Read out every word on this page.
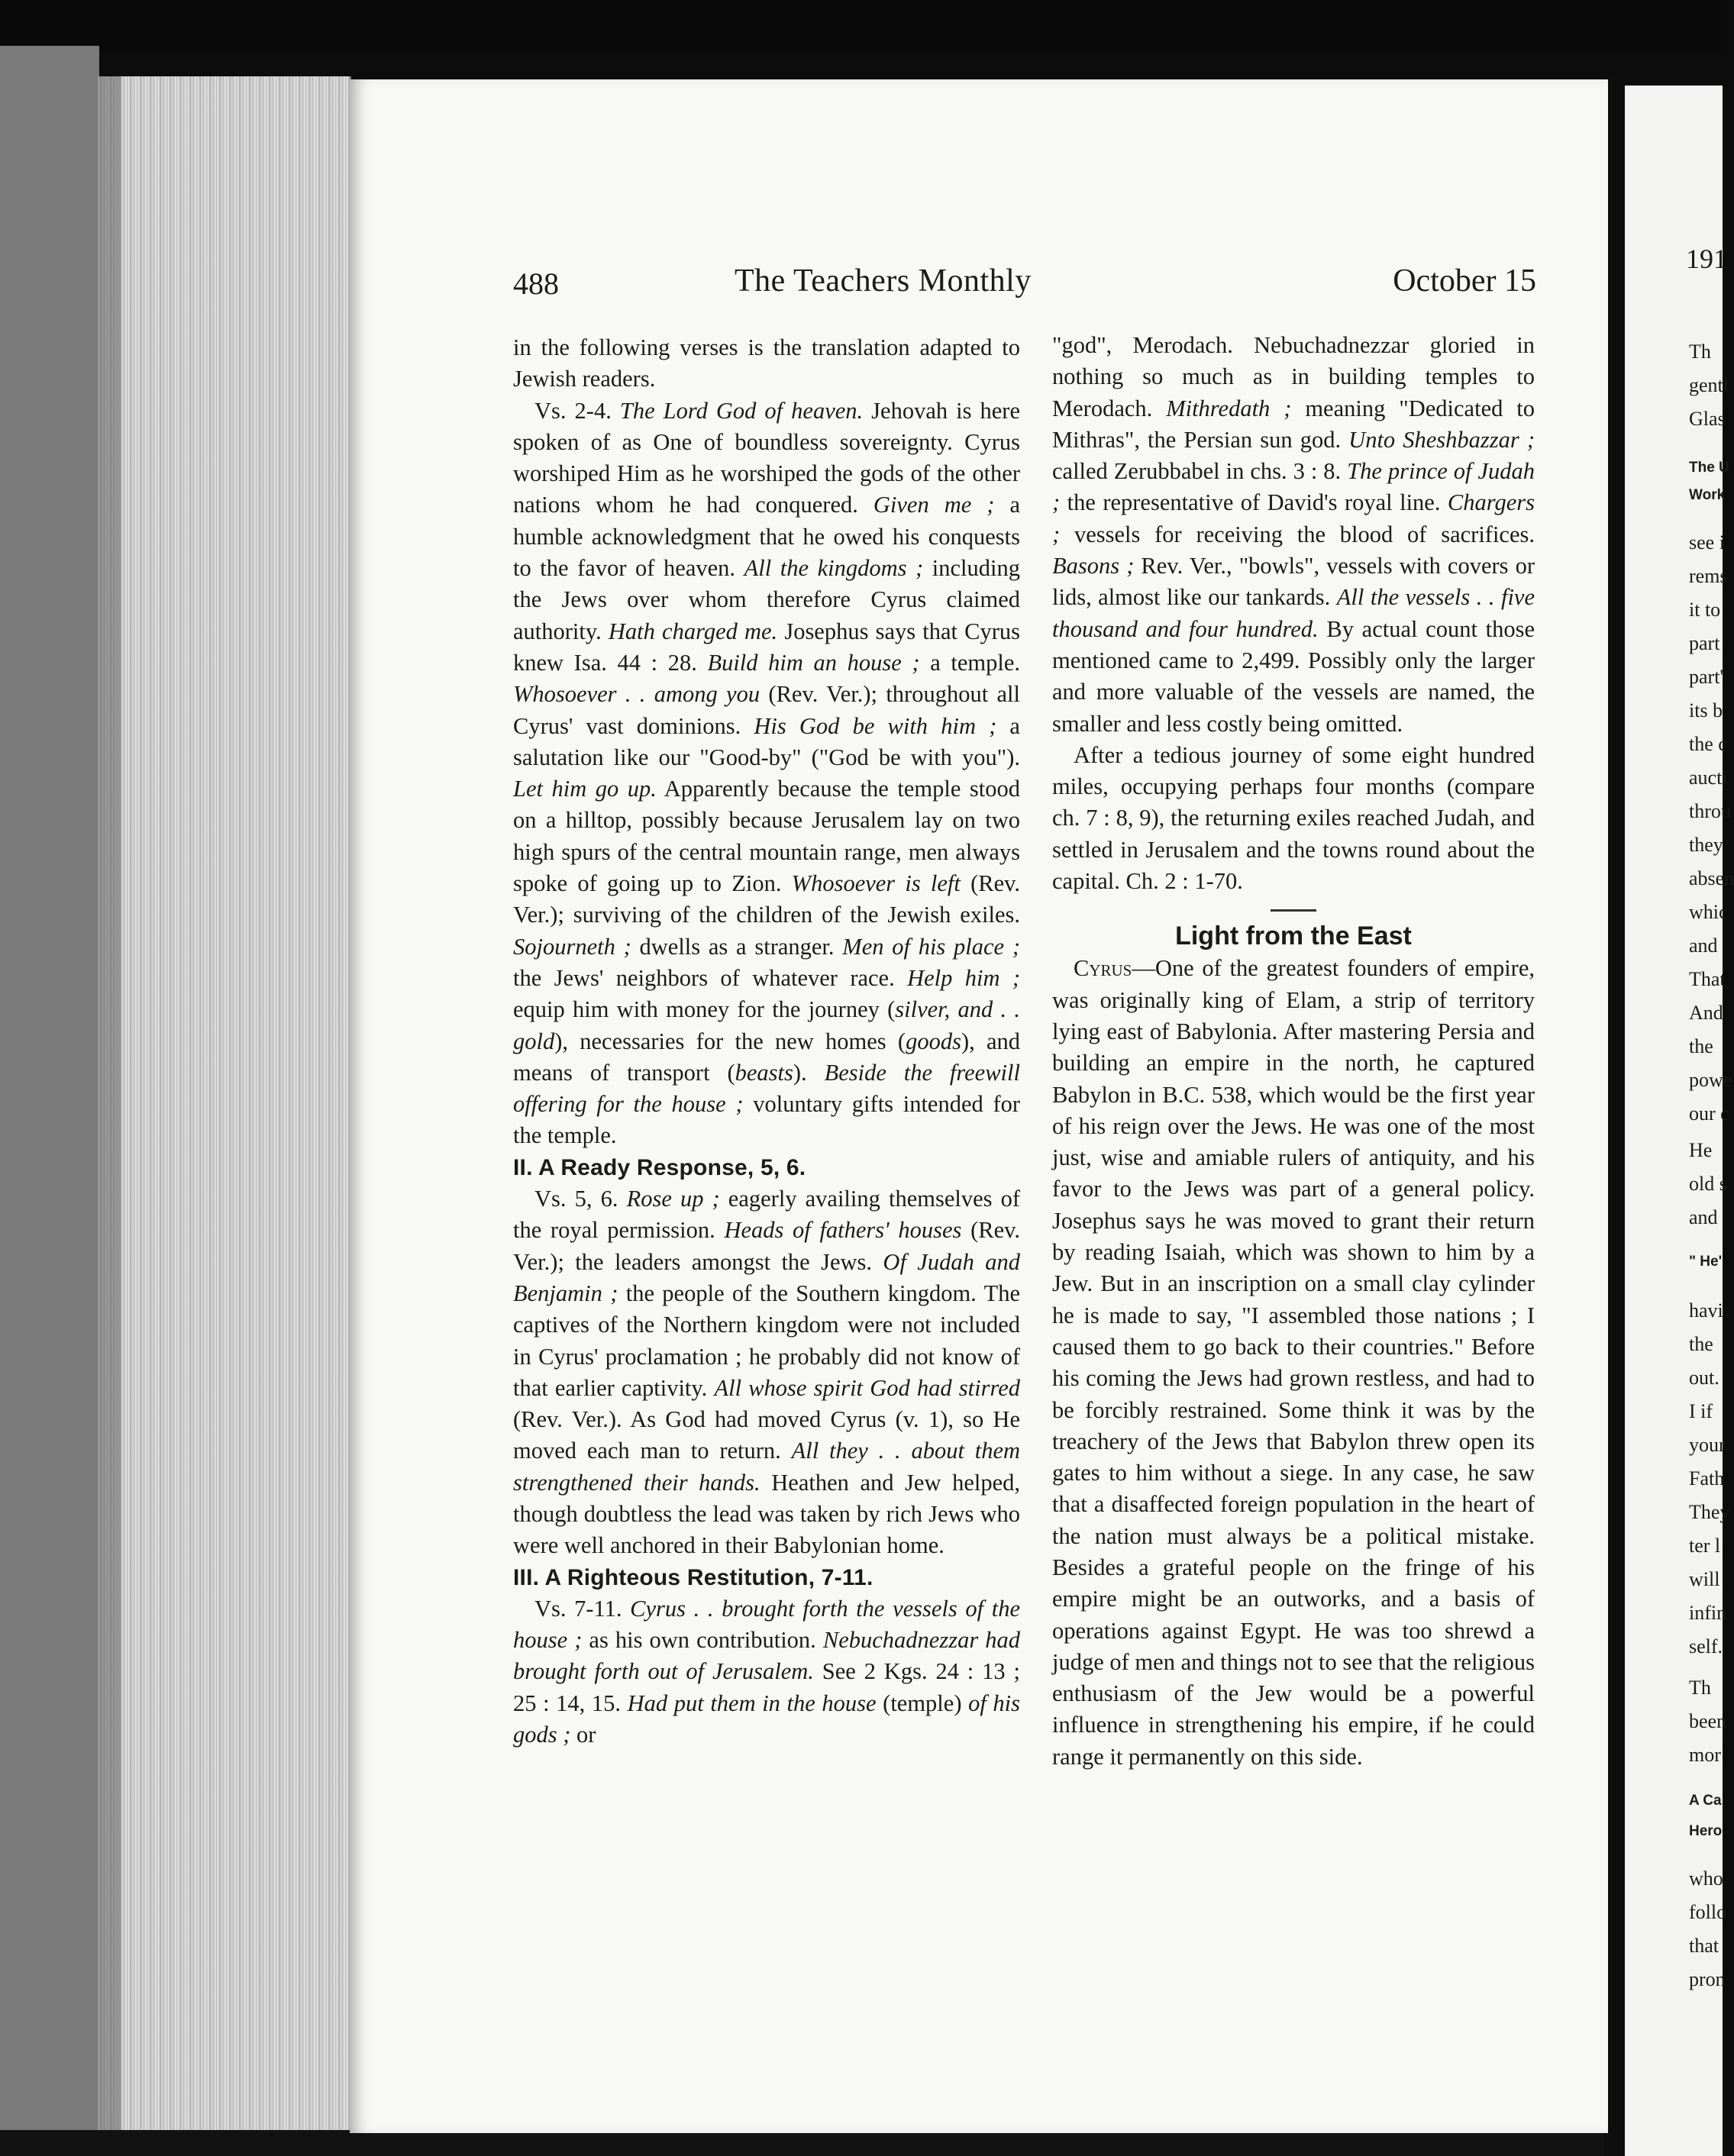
488	The Teachers Monthly	October 15

in the following verses is the translation adapted to Jewish readers.

Vs. 2-4. The Lord God of heaven. Jehovah is here spoken of as One of boundless sovereignty. Cyrus worshiped Him as he worshiped the gods of the other nations whom he had conquered. Given me ; a humble acknowledgment that he owed his conquests to the favor of heaven. All the kingdoms ; including the Jews over whom therefore Cyrus claimed authority. Hath charged me. Josephus says that Cyrus knew Isa. 44 : 28. Build him an house ; a temple. Whosoever . . among you (Rev. Ver.); throughout all Cyrus' vast dominions. His God be with him ; a salutation like our "Good-by" ("God be with you"). Let him go up. Apparently because the temple stood on a hilltop, possibly because Jerusalem lay on two high spurs of the central mountain range, men always spoke of going up to Zion. Whosoever is left (Rev. Ver.); surviving of the children of the Jewish exiles. Sojourneth ; dwells as a stranger. Men of his place ; the Jews' neighbors of whatever race. Help him ; equip him with money for the journey (silver, and . . gold), necessaries for the new homes (goods), and means of transport (beasts). Beside the freewill offering for the house ; voluntary gifts intended for the temple.

II. A Ready Response, 5, 6.

Vs. 5, 6. Rose up ; eagerly availing themselves of the royal permission. Heads of fathers' houses (Rev. Ver.); the leaders amongst the Jews. Of Judah and Benjamin ; the people of the Southern kingdom. The captives of the Northern kingdom were not included in Cyrus' proclamation ; he probably did not know of that earlier captivity. All whose spirit God had stirred (Rev. Ver.). As God had moved Cyrus (v. 1), so He moved each man to return. All they . . about them strengthened their hands. Heathen and Jew helped, though doubtless the lead was taken by rich Jews who were well anchored in their Babylonian home.

III. A Righteous Restitution, 7-11.

Vs. 7-11. Cyrus . . brought forth the vessels of the house ; as his own contribution. Nebuchadnezzar had brought forth out of Jerusalem. See 2 Kgs. 24 : 13 ; 25 : 14, 15. Had put them in the house (temple) of his gods ; or

"god", Merodach. Nebuchadnezzar gloried in nothing so much as in building temples to Merodach. Mithredath ; meaning "Dedicated to Mithras", the Persian sun god. Unto Sheshbazzar ; called Zerubbabel in chs. 3 : 8. The prince of Judah ; the representative of David's royal line. Chargers ; vessels for receiving the blood of sacrifices. Basons ; Rev. Ver., "bowls", vessels with covers or lids, almost like our tankards. All the vessels . . five thousand and four hundred. By actual count those mentioned came to 2,499. Possibly only the larger and more valuable of the vessels are named, the smaller and less costly being omitted.

After a tedious journey of some eight hundred miles, occupying perhaps four months (compare ch. 7 : 8, 9), the returning exiles reached Judah, and settled in Jerusalem and the towns round about the capital. Ch. 2 : 1-70.

Light from the East

Cyrus—One of the greatest founders of empire, was originally king of Elam, a strip of territory lying east of Babylonia. After mastering Persia and building an empire in the north, he captured Babylon in B.C. 538, which would be the first year of his reign over the Jews. He was one of the most just, wise and amiable rulers of antiquity, and his favor to the Jews was part of a general policy. Josephus says he was moved to grant their return by reading Isaiah, which was shown to him by a Jew. But in an inscription on a small clay cylinder he is made to say, "I assembled those nations ; I caused them to go back to their countries." Before his coming the Jews had grown restless, and had to be forcibly restrained. Some think it was by the treachery of the Jews that Babylon threw open its gates to him without a siege. In any case, he saw that a disaffected foreign population in the heart of the nation must always be a political mistake. Besides a grateful people on the fringe of his empire might be an outworks, and a basis of operations against Egypt. He was too shrewd a judge of men and things not to see that the religious enthusiasm of the Jew would be a powerful influence in strengthening his empire, if he could range it permanently on this side.

191
Th
gentl
Glas
The U
Work
see i
rems
it to
part
part'
its b
the c
aucti
throu
they
absen
whic
and
That
And
the
powe
our c
He
old s
and
" He'
havi
the
out.
I if
your
Fath
They
ter l
will
infin
self.
Th
been
mor
A Ca
Hero
who
follo
that
pron
